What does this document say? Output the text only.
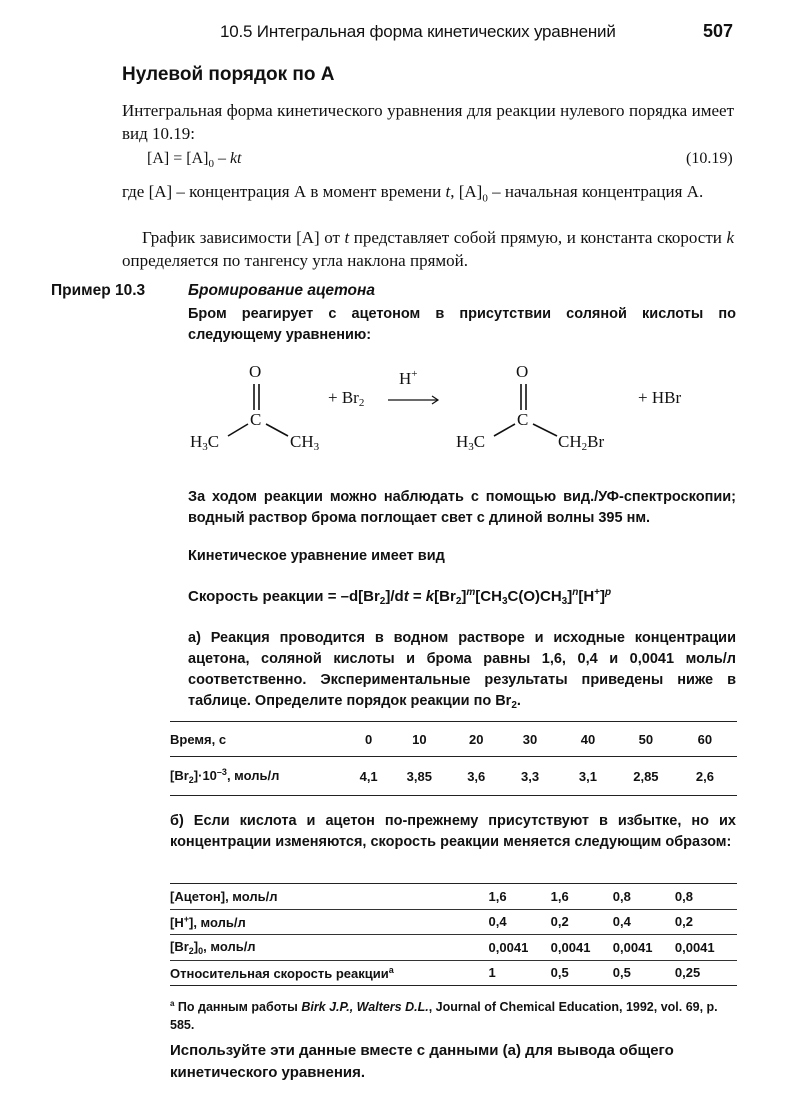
10.5 Интегральная форма кинетических уравнений	507
Нулевой порядок по А
Интегральная форма кинетического уравнения для реакции нулевого порядка имеет вид 10.19:
$[A] = [A]_0$ – kt	(10.19)
где [A] – концентрация А в момент времени t, $[A]_0$ – начальная концентрация А.
График зависимости [A] от t представляет собой прямую, и константа скорости k определяется по тангенсу угла наклона прямой.
Пример 10.3	Бромирование ацетона
Бром реагирует с ацетоном в присутствии соляной кислоты по следующему уравнению:
O
C
$H_3C$	$CH_3$
+ $Br_2$
H+	O
C
$H_3C$	$CH_2Br$
+ HBr
За ходом реакции можно наблюдать с помощью вид./УФ-спектроскопии; водный раствор брома поглощает свет с длиной волны 395 нм.
Кинетическое уравнение имеет вид
Скорость реакции = $-d[Br_2]/dt = k[Br_2]^m[CH_3C(O)CH_3]^n[H^+]^p$
а) Реакция проводится в водном растворе и исходные концентрации ацетона, соляной кислоты и брома равны 1,6, 0,4 и 0,0041 моль/л соответственно. Экспериментальные результаты приведены ниже в таблице. Определите порядок реакции по $Br_2$.
Время, с	0	10	20	30	40	50	60
$[Br_2]\cdot 10^{-3}$, моль/л	4,1	3,85	3,6	3,3	3,1	2,85	2,6
б) Если кислота и ацетон по-прежнему присутствуют в избытке, но их концентрации изменяются, скорость реакции меняется следующим образом:
[Ацетон], моль/л	1,6	1,6	0,8	0,8
[H+], моль/л	0,4	0,2	0,4	0,2
$[Br_2]_0$, моль/л	0,0041	0,0041	0,0041	0,0041
Относительная скорость реакции$^a$	1	0,5	0,5	0,25
$^a$ По данным работы Birk J.P., Walters D.L., Journal of Chemical Education, 1992, vol. 69, p. 585.
Используйте эти данные вместе с данными (а) для вывода общего кинетического уравнения.
